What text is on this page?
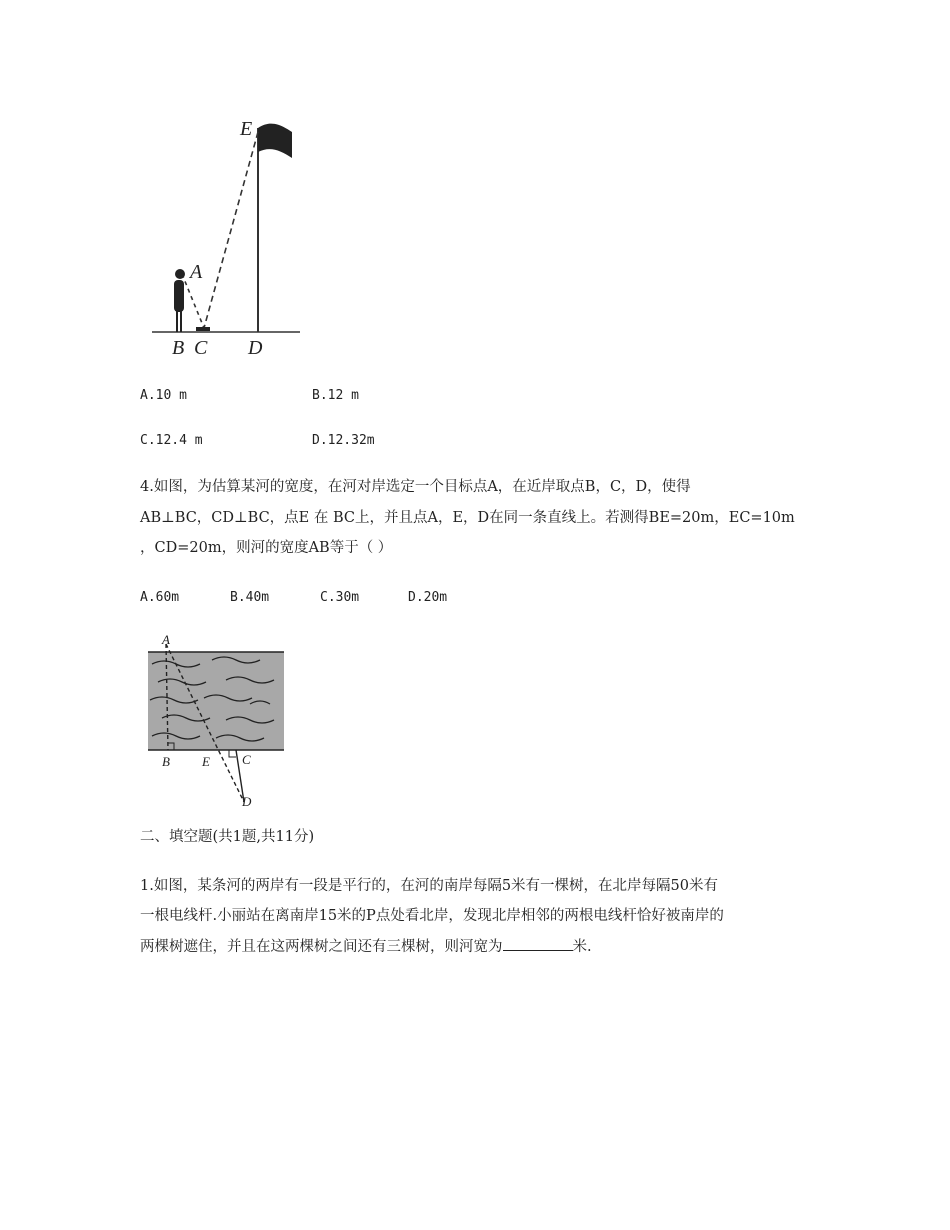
E
A
B C D
A.10 m	B.12 m
C.12.4 m	D.12.32m
4.如图，为估算某河的宽度，在河对岸选定一个目标点A，在近岸取点B，C，D，使得
AB⊥BC，CD⊥BC，点E 在 BC上，并且点A，E，D在同一条直线上。若测得BE=20m，EC=10m
，CD=20m，则河的宽度AB等于（ ）
A.60m	B.40m	C.30m	D.20m
A
B E C
D
二、填空题(共1题,共11分)
1.如图，某条河的两岸有一段是平行的，在河的南岸每隔5米有一棵树，在北岸每隔50米有
一根电线杆.小丽站在离南岸15米的P点处看北岸，发现北岸相邻的两根电线杆恰好被南岸的
两棵树遮住，并且在这两棵树之间还有三棵树，则河宽为	米.
